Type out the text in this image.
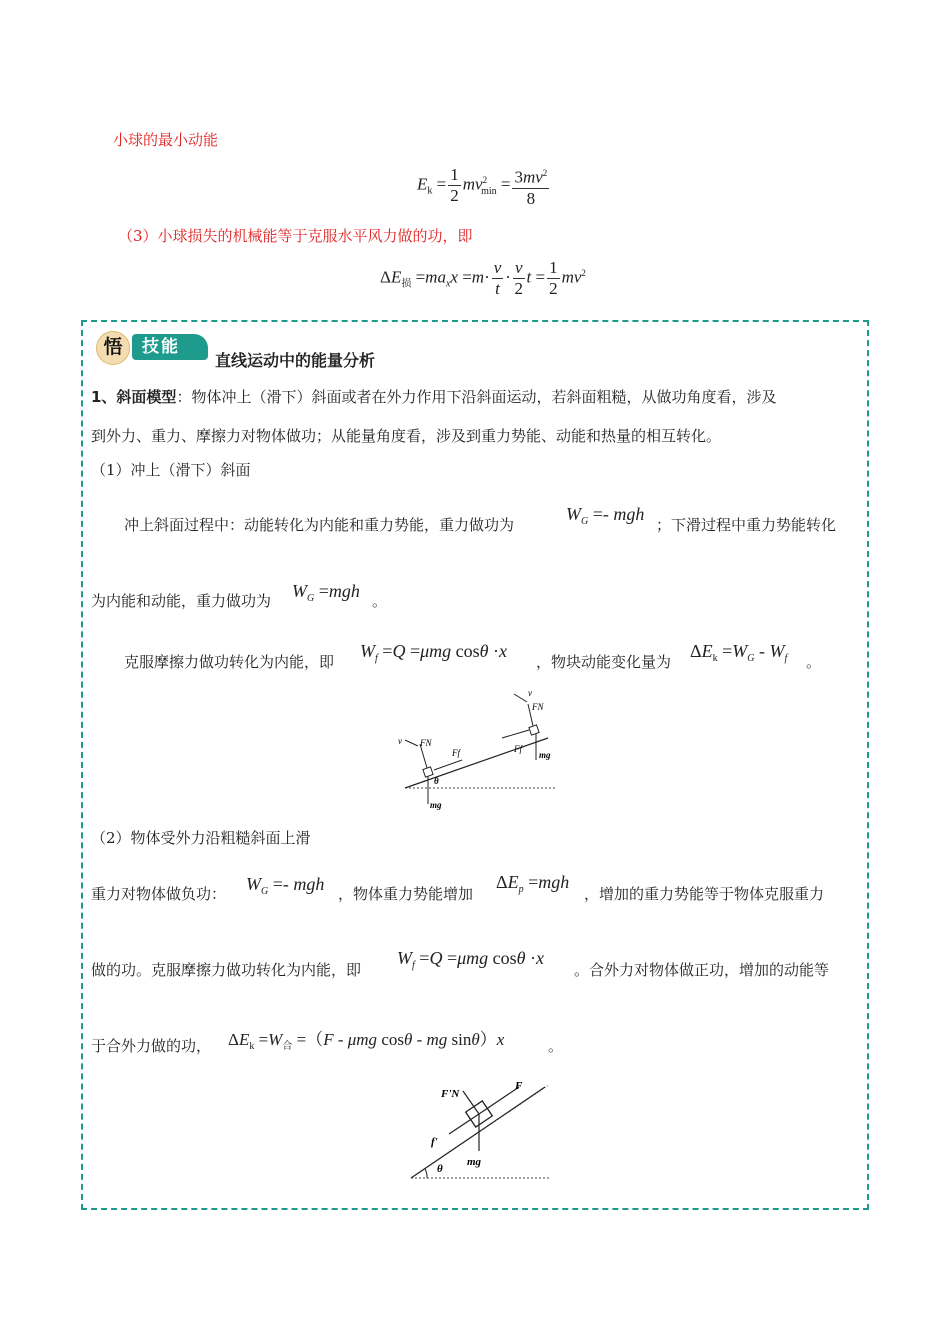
小球的最小动能
$E_k = \frac{1}{2} mv^2_{min} = \frac{3mv^2}{8}$
（3）小球损失的机械能等于克服水平风力做的功，即
$\Delta E_损 =ma_xx =m\cdot \frac{v}{t} \cdot \frac{v}{2}$ $t = \frac{1}{2} mv^2$
悟 技能
直线运动中的能量分析
1、斜面模型：物体冲上（滑下）斜面或者在外力作用下沿斜面运动，若斜面粗糙，从做功角度看，涉及
到外力、重力、摩擦力对物体做功；从能量角度看，涉及到重力势能、动能和热量的相互转化。
（1）冲上（滑下）斜面
冲上斜面过程中：动能转化为内能和重力势能，重力做功为
$W_G$ =- mgh
；下滑过程中重力势能转化
为内能和动能，重力做功为 $W_G =mgh$ 。
克服摩擦力做功转化为内能，即
$W_f =Q =\mu mg$ cosθ ·x
，物块动能变化量为
$\Delta E_k =W_G - W_f$ 。
v FN
Ff
θ
mg
v
FN
Ff
mg
（2）物体受外力沿粗糙斜面上滑
重力对物体做负功： $W_G$ =- mgh ，物体重力势能增加
$\Delta E_p =mgh$
，增加的重力势能等于物体克服重力
做的功。克服摩擦力做功转化为内能，即
$W_f =Q =\mu mg$ cosθ ·x
。合外力对物体做正功，增加的动能等
于合外力做的功， $\Delta E_k =W_合 =(F - \mu mg$ cosθ - mg sinθ）x	。
F'N
F
f'
mg
θ
